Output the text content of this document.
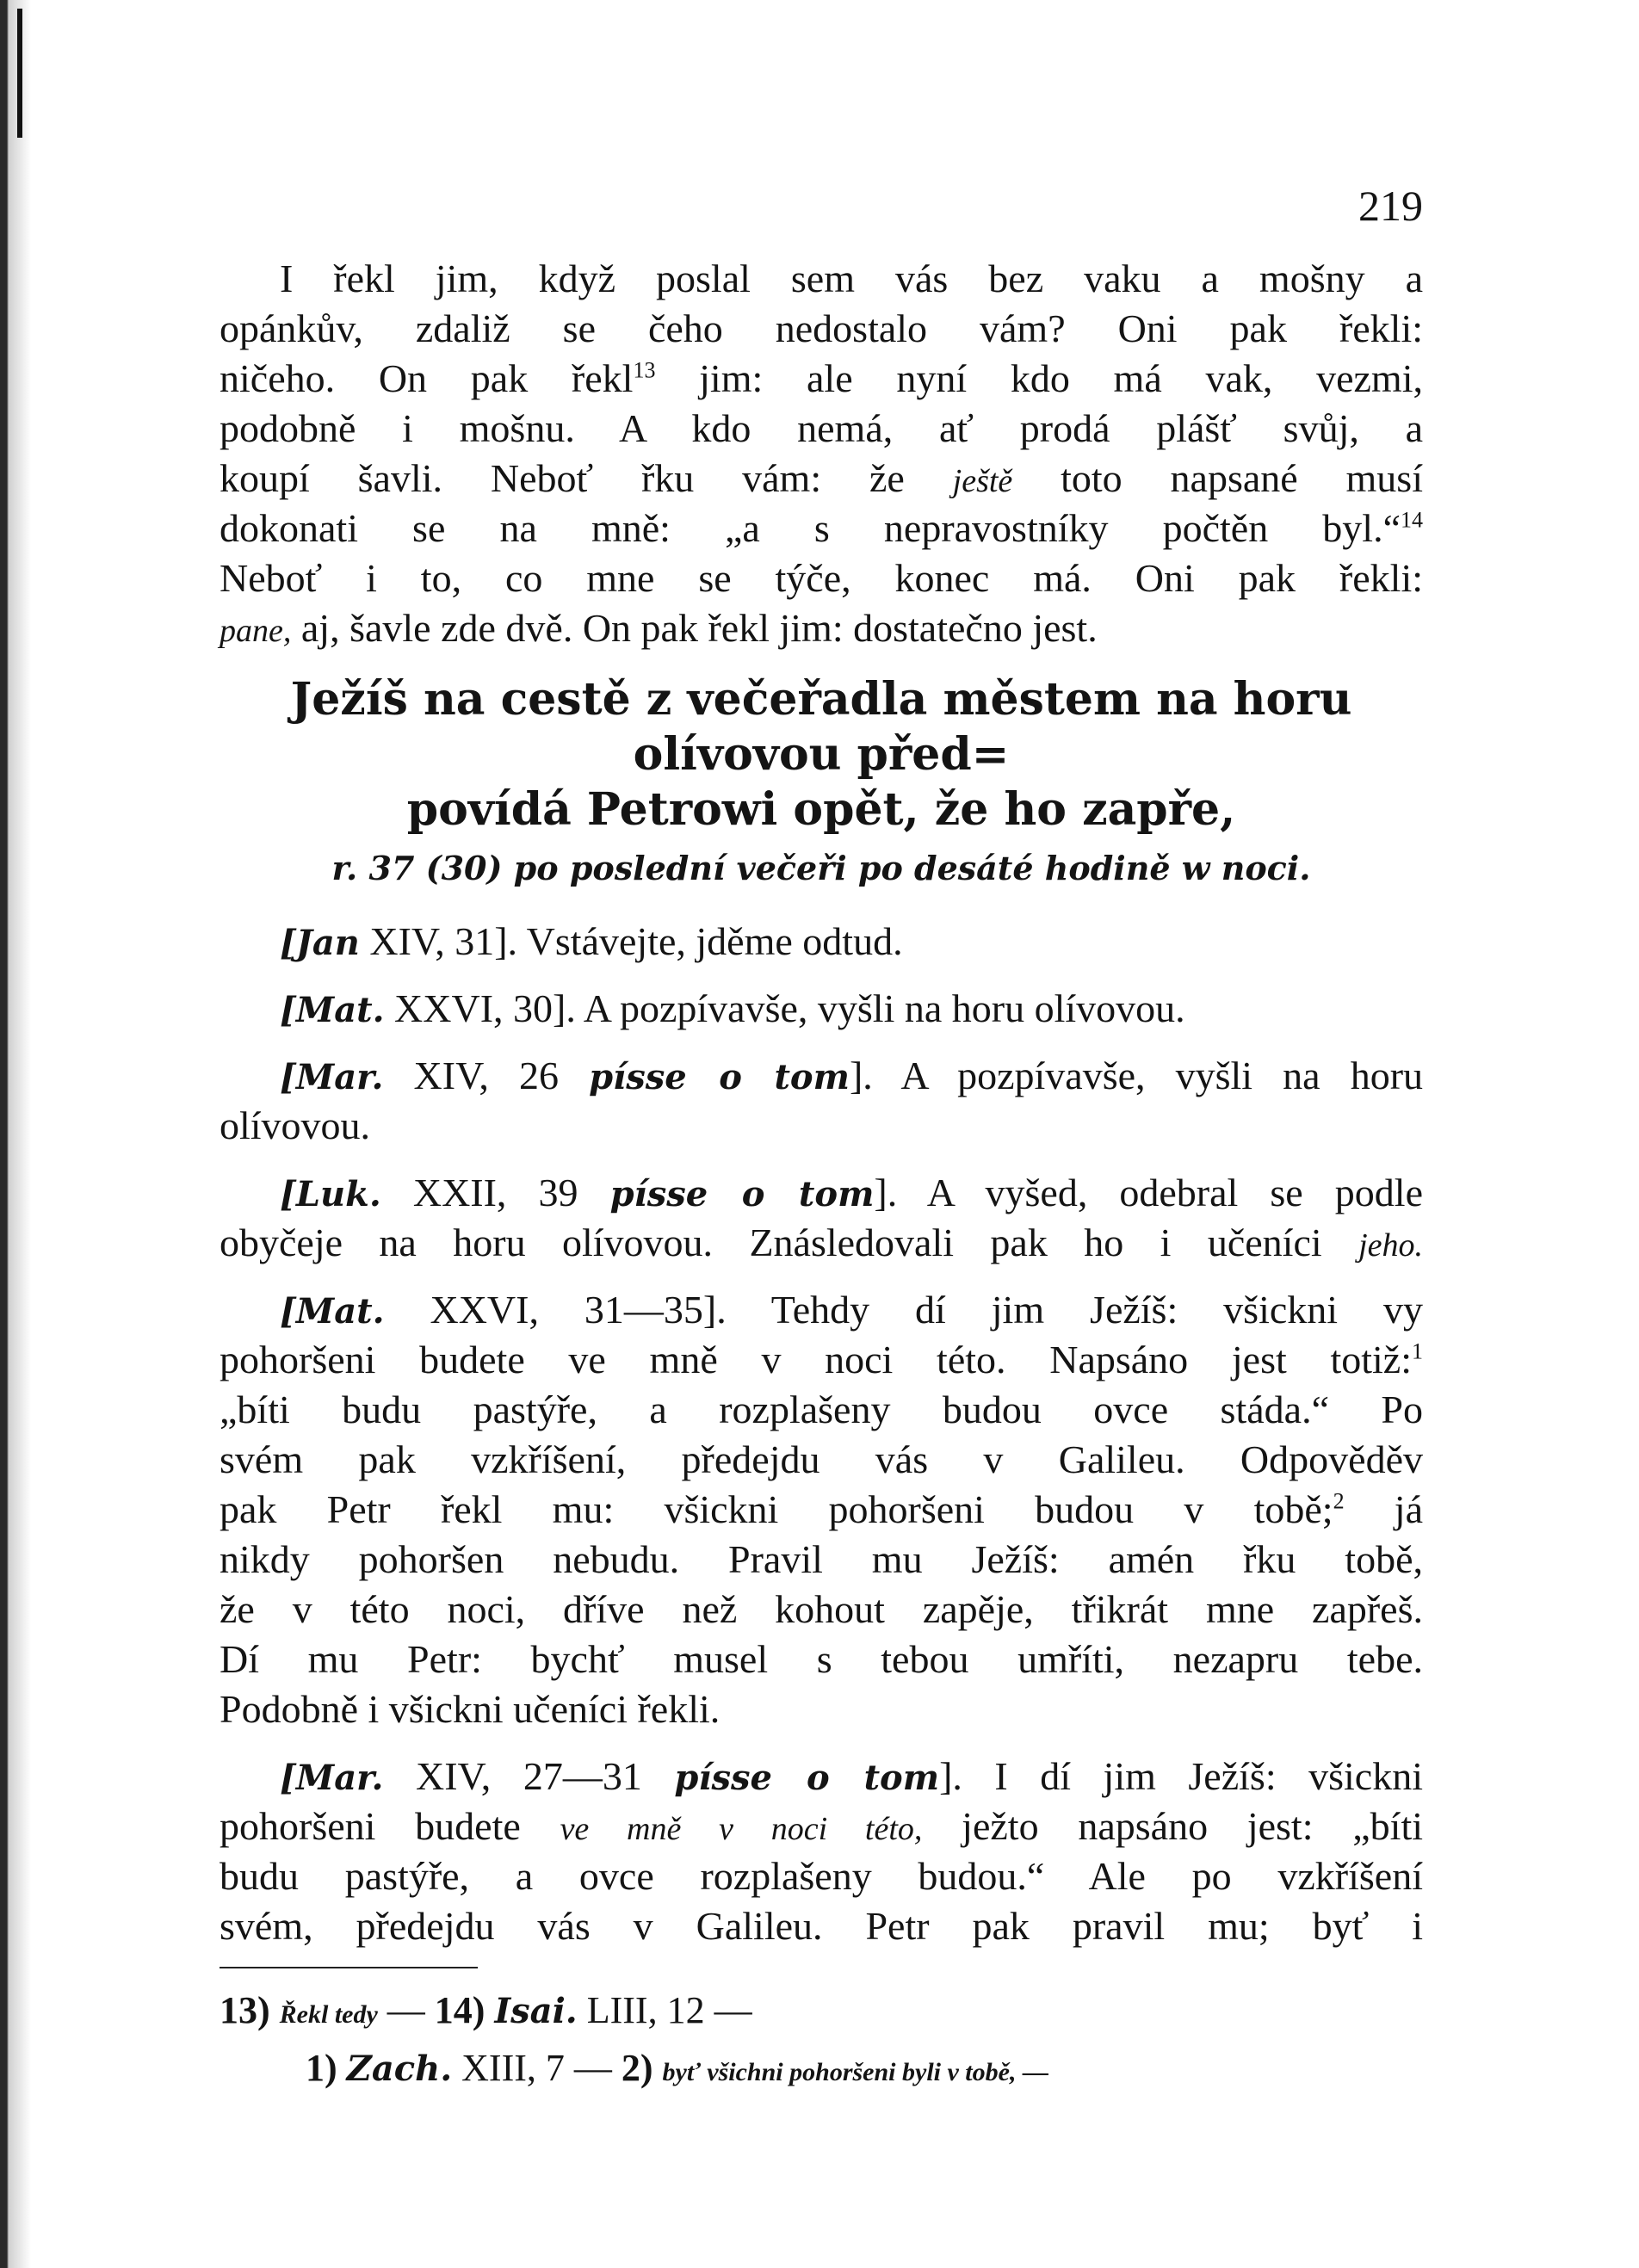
219
I řekl jim, když poslal sem vás bez vaku a mošny a
opánkův, zdaliž se čeho nedostalo vám? Oni pak řekli:
ničeho. On pak řekl$^{13}$ jim: ale nyní kdo má vak, vezmi,
podobně i mošnu. A kdo nemá, ať prodá plášť svůj, a
koupí šavli. Neboť řku vám: že ještě toto napsané musí
dokonati se na mně: „a s nepravostníky počtěn byl.“$^{14}$
Neboť i to, co mne se týče, konec má. Oni pak řekli:
pane, aj, šavle zde dvě. On pak řekl jim: dostatečno jest.
Ježíš na cestě z večeřadla městem na horu olívovou před=
povídá Petrowi opět, že ho zapře,
r. 37 (30) po poslední večeři po desáté hodině w noci.
[Jan XIV, 31]. Vstávejte, jděme odtud.
[Mat. XXVI, 30]. A pozpívavše, vyšli na horu olívovou.
[Mar. XIV, 26 písse o tom]. A pozpívavše, vyšli na horu
olívovou.
[Luk. XXII, 39 písse o tom]. A vyšed, odebral se podle
obyčeje na horu olívovou. Znásledovali pak ho i učeníci jeho.
[Mat. XXVI, 31—35]. Tehdy dí jim Ježíš: všickni vy
pohoršeni budete ve mně v noci této. Napsáno jest totiž:$^1$
„bíti budu pastýře, a rozplašeny budou ovce stáda.“ Po
svém pak vzkříšení, předejdu vás v Galileu. Odpověděv
pak Petr řekl mu: všickni pohoršeni budou v tobě;$^2$ já
nikdy pohoršen nebudu. Pravil mu Ježíš: amén řku tobě,
že v této noci, dříve než kohout zapěje, třikrát mne zapřeš.
Dí mu Petr: bychť musel s tebou umříti, nezapru tebe.
Podobně i všickni učeníci řekli.
[Mar. XIV, 27—31 písse o tom]. I dí jim Ježíš: všickni
pohoršeni budete ve mně v noci této, ježto napsáno jest: „bíti
budu pastýře, a ovce rozplašeny budou.“ Ale po vzkříšení
svém, předejdu vás v Galileu. Petr pak pravil mu; byť i
13) Řekl tedy — 14) Isai. LIII, 12 —
1) Zach. XIII, 7 — 2) byť všichni pohoršeni byli v tobě, —
